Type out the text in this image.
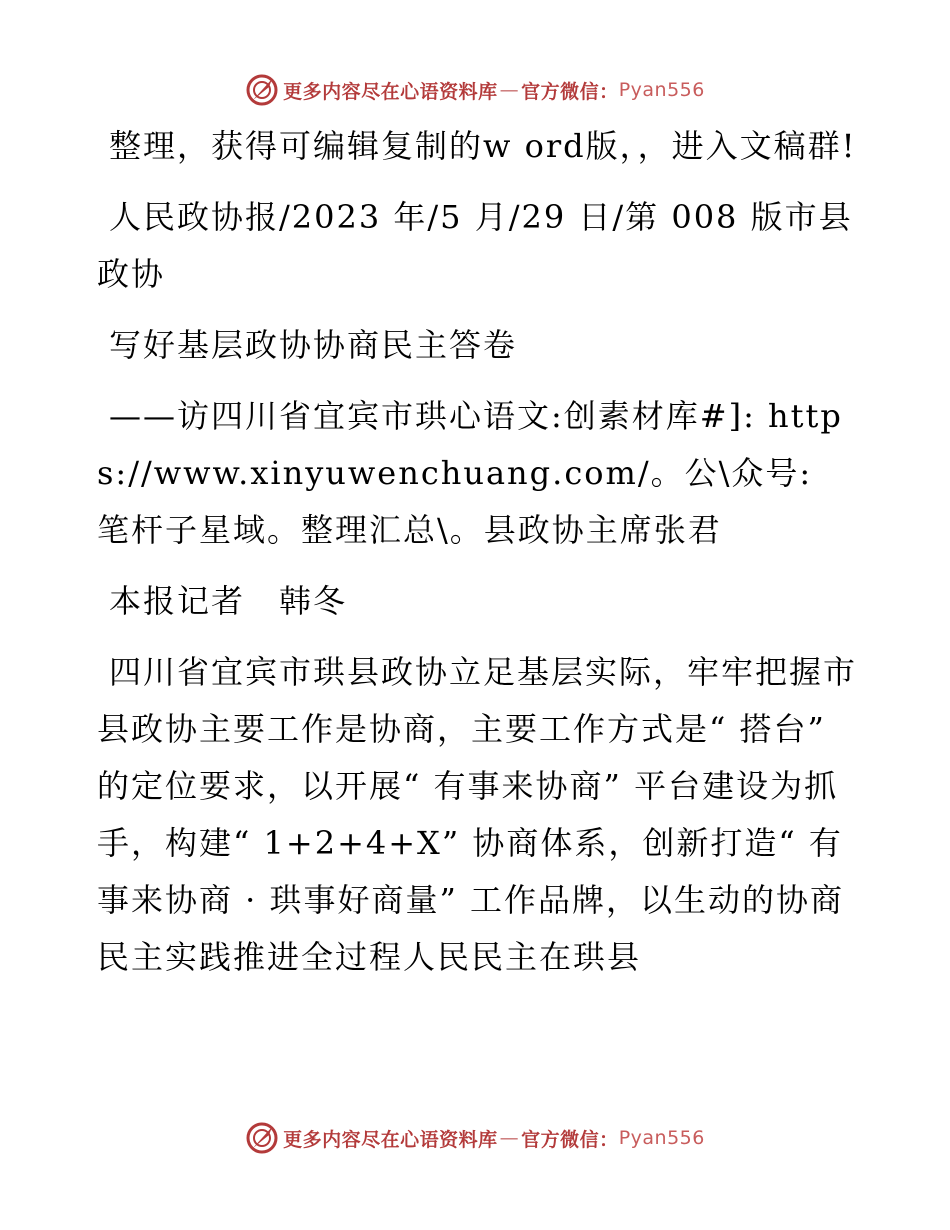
更多内容尽在心语资料库 — 官方微信： Pyan556

整理，获得可编辑复制的w ord版，，进入文稿群!

人民政协报/2023 年/5 月/29 日/第 008 版市县政协

写好基层政协协商民主答卷

——访四川省宜宾市珙心语文:创素材库#]: https://www.xinyuwenchuang.com/。公\众号: 笔杆子星域。整理汇总\。县政协主席张君

本报记者　韩冬

四川省宜宾市珙县政协立足基层实际，牢牢把握市县政协主要工作是协商，主要工作方式是“ 搭台” 的定位要求，以开展“ 有事来协商” 平台建设为抓手，构建“ 1+2+4+X” 协商体系，创新打造“ 有事来协商 · 珙事好商量” 工作品牌，以生动的协商民主实践推进全过程人民民主在珙县

更多内容尽在心语资料库 — 官方微信： Pyan556
